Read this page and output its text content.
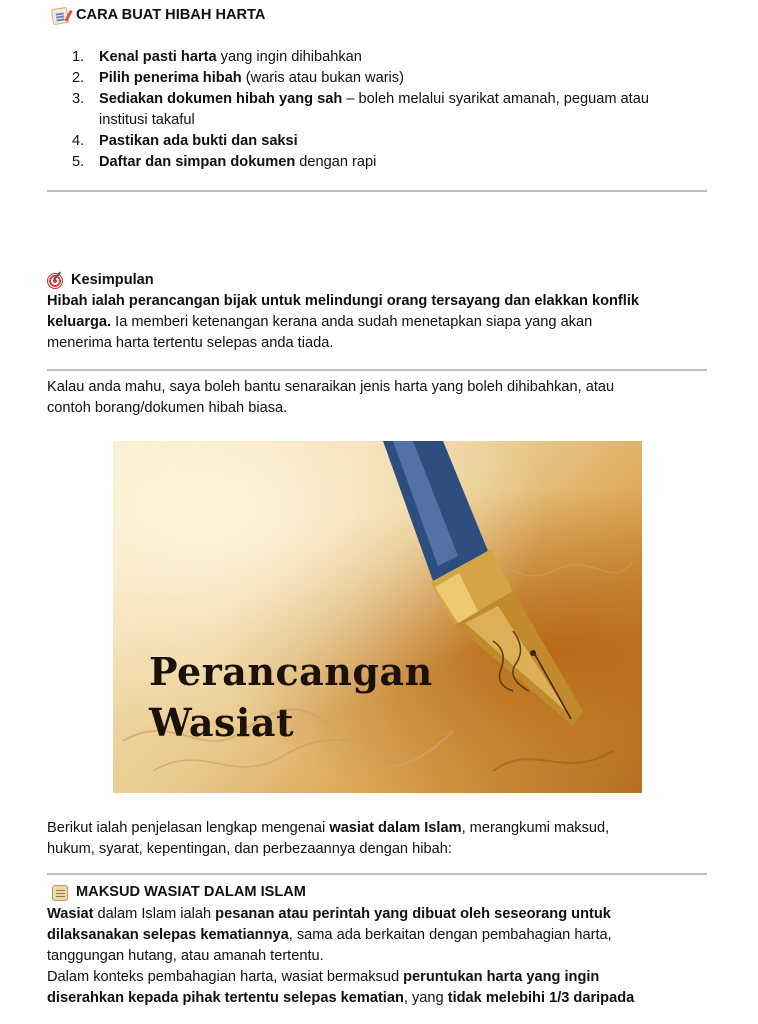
CARA BUAT HIBAH HARTA
1.	Kenal pasti harta yang ingin dihibahkan
2.	Pilih penerima hibah (waris atau bukan waris)
3.	Sediakan dokumen hibah yang sah – boleh melalui syarikat amanah, peguam atau
institusi takaful
4.	Pastikan ada bukti dan saksi
5.	Daftar dan simpan dokumen dengan rapi
Kesimpulan
Hibah ialah perancangan bijak untuk melindungi orang tersayang dan elakkan konflik
keluarga. Ia memberi ketenangan kerana anda sudah menetapkan siapa yang akan
menerima harta tertentu selepas anda tiada.
Kalau anda mahu, saya boleh bantu senaraikan jenis harta yang boleh dihibahkan, atau
contoh borang/dokumen hibah biasa.
Perancangan
Wasiat
Berikut ialah penjelasan lengkap mengenai wasiat dalam Islam, merangkumi maksud,
hukum, syarat, kepentingan, dan perbezaannya dengan hibah:
MAKSUD WASIAT DALAM ISLAM
Wasiat dalam Islam ialah pesanan atau perintah yang dibuat oleh seseorang untuk
dilaksanakan selepas kematiannya, sama ada berkaitan dengan pembahagian harta,
tanggungan hutang, atau amanah tertentu.
Dalam konteks pembahagian harta, wasiat bermaksud peruntukan harta yang ingin
diserahkan kepada pihak tertentu selepas kematian, yang tidak melebihi 1/3 daripada
